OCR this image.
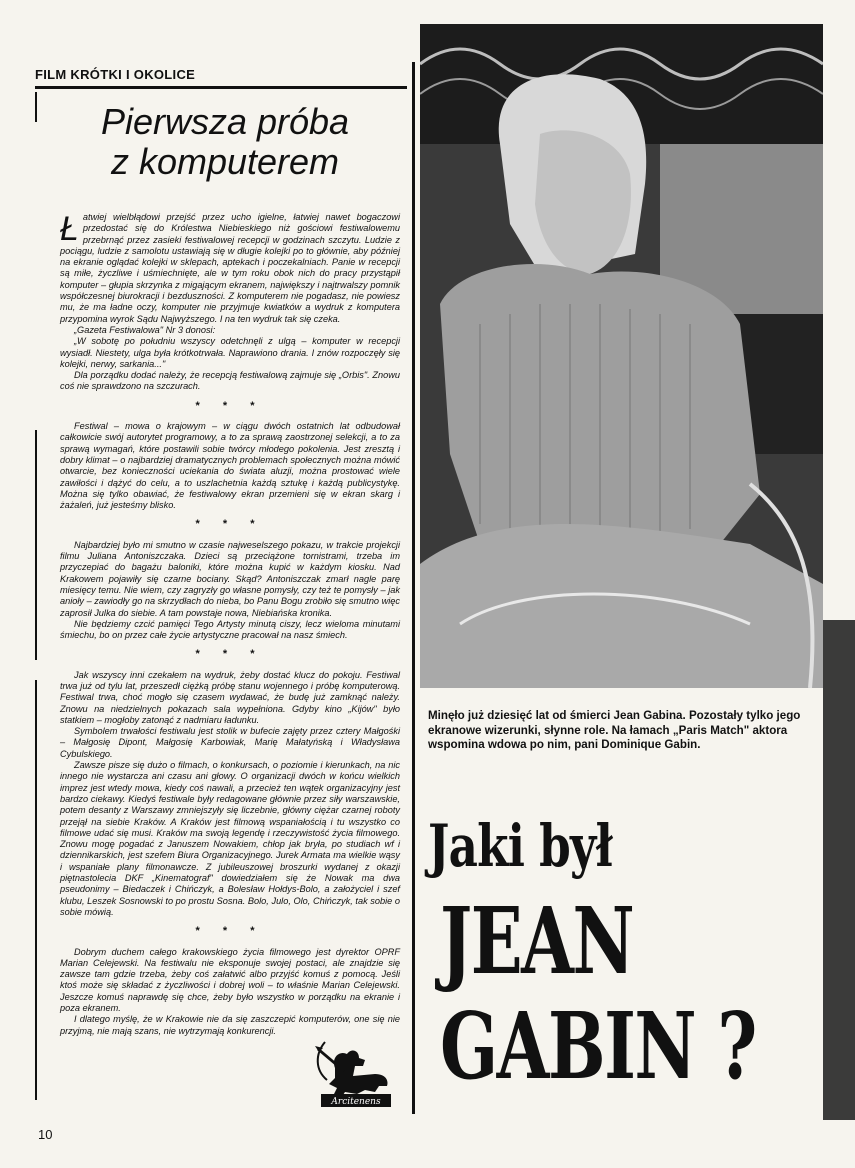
FILM KRÓTKI I OKOLICE
Pierwsza próba
z komputerem

Łatwiej wielbłądowi przejść przez ucho igielne, łatwiej nawet bogaczowi przedostać się do Królestwa Niebieskiego niż gościowi festiwalowemu przebrnąć przez zasieki festiwalowej recepcji w godzinach szczytu. Ludzie z pociągu, ludzie z samolotu ustawiają się w długie kolejki po to głównie, aby później na ekranie oglądać kolejki w sklepach, aptekach i poczekalniach. Panie w recepcji są miłe, życzliwe i uśmiechnięte, ale w tym roku obok nich do pracy przystąpił komputer – głupia skrzynka z migającym ekranem, największy i najtrwalszy pomnik współczesnej biurokracji i bezduszności. Z komputerem nie pogadasz, nie powiesz mu, że ma ładne oczy, komputer nie przyjmuje kwiatków a wydruk z komputera przypomina wyrok Sądu Najwyższego. I na ten wydruk tak się czeka.

„Gazeta Festiwalowa" Nr 3 donosi:

„W sobotę po południu wszyscy odetchnęli z ulgą – komputer w recepcji wysiadł. Niestety, ulga była krótkotrwała. Naprawiono drania. I znów rozpoczęły się kolejki, nerwy, sarkania..."

Dla porządku dodać należy, że recepcją festiwalową zajmuje się „Orbis". Znowu coś nie sprawdzono na szczurach.

* * *

Festiwal – mowa o krajowym – w ciągu dwóch ostatnich lat odbudował całkowicie swój autorytet programowy, a to za sprawą zaostrzonej selekcji, a to za sprawą wymagań, które postawili sobie twórcy młodego pokolenia. Jest zresztą i dobry klimat – o najbardziej dramatycznych problemach społecznych można mówić otwarcie, bez konieczności uciekania do świata aluzji, można prostować wiele zawiłości i dążyć do celu, a to uszlachetnia każdą sztukę i każdą publicystykę. Można się tylko obawiać, że festiwalowy ekran przemieni się w ekran skarg i żażaleń, już jesteśmy blisko.

* * *

Najbardziej było mi smutno w czasie najweselszego pokazu, w trakcie projekcji filmu Juliana Antoniszczaka. Dzieci są przeciążone tornistrami, trzeba im przyczepiać do bagażu baloniki, które można kupić w każdym kiosku. Nad Krakowem pojawiły się czarne bociany. Skąd? Antoniszczak zmarł nagle parę miesięcy temu. Nie wiem, czy zagryzły go własne pomysły, czy też te pomysły – jak anioły – zawiodły go na skrzydłach do nieba, bo Panu Bogu zrobiło się smutno więc zaprosił Julka do siebie. A tam powstaje nowa, Niebiańska kronika.

Nie będziemy czcić pamięci Tego Artysty minutą ciszy, lecz wieloma minutami śmiechu, bo on przez całe życie artystyczne pracował na nasz śmiech.

* * *

Jak wszyscy inni czekałem na wydruk, żeby dostać klucz do pokoju. Festiwal trwa już od tylu lat, przeszedł ciężką próbę stanu wojennego i próbę komputerową. Festiwal trwa, choć mogło się czasem wydawać, że budę już zamknąć należy. Znowu na niedzielnych pokazach sala wypełniona. Gdyby kino „Kijów" było statkiem – mogłoby zatonąć z nadmiaru ładunku.

Symbolem trwałości festiwalu jest stolik w bufecie zajęty przez cztery Małgośki – Małgosię Dipont, Małgosię Karbowiak, Marię Małatyńską i Władysława Cybulskiego.

Zawsze pisze się dużo o filmach, o konkursach, o poziomie i kierunkach, na nic innego nie wystarcza ani czasu ani głowy. O organizacji dwóch w końcu wielkich imprez jest wtedy mowa, kiedy coś nawali, a przecież ten wątek organizacyjny jest bardzo ciekawy. Kiedyś festiwale były redagowane głównie przez siły warszawskie, potem desanty z Warszawy zmniejszyły się liczebnie, główny ciężar czarnej roboty przejął na siebie Kraków. A Kraków jest filmową wspaniałością i tu wszystko co filmowe udać się musi. Kraków ma swoją legendę i rzeczywistość życia filmowego. Znowu mogę pogadać z Januszem Nowakiem, chłop jak bryła, po studiach wf i dziennikarskich, jest szefem Biura Organizacyjnego. Jurek Armata ma wielkie wąsy i wspaniałe plany filmonawcze. Z jubileuszowej broszurki wydanej z okazji piętnastolecia DKF „Kinematograf" dowiedziałem się że Nowak ma dwa pseudonimy – Biedaczek i Chińczyk, a Bolesław Hołdys-Bolo, a założyciel i szef klubu, Leszek Sosnowski to po prostu Sosna. Bolo, Julo, Olo, Chińczyk, tak sobie o sobie mówią.

* * *

Dobrym duchem całego krakowskiego życia filmowego jest dyrektor OPRF Marian Celejewski. Na festiwalu nie eksponuje swojej postaci, ale znajdzie się zawsze tam gdzie trzeba, żeby coś załatwić albo przyjść komuś z pomocą. Jeśli ktoś może się składać z życzliwości i dobrej woli – to właśnie Marian Celejewski. Jeszcze komuś naprawdę się chce, żeby było wszystko w porządku na ekranie i poza ekranem.

I dlatego myślę, że w Krakowie nie da się zaszczepić komputerów, one się nie przyjmą, nie mają szans, nie wytrzymają konkurencji.

Arcitenens
10
Minęło już dziesięć lat od śmierci Jean Gabina. Pozostały tylko jego ekranowe wizerunki, słynne role. Na łamach „Paris Match" aktora wspomina wdowa po nim, pani Dominique Gabin.
Jaki był
JEAN
GABIN ?
